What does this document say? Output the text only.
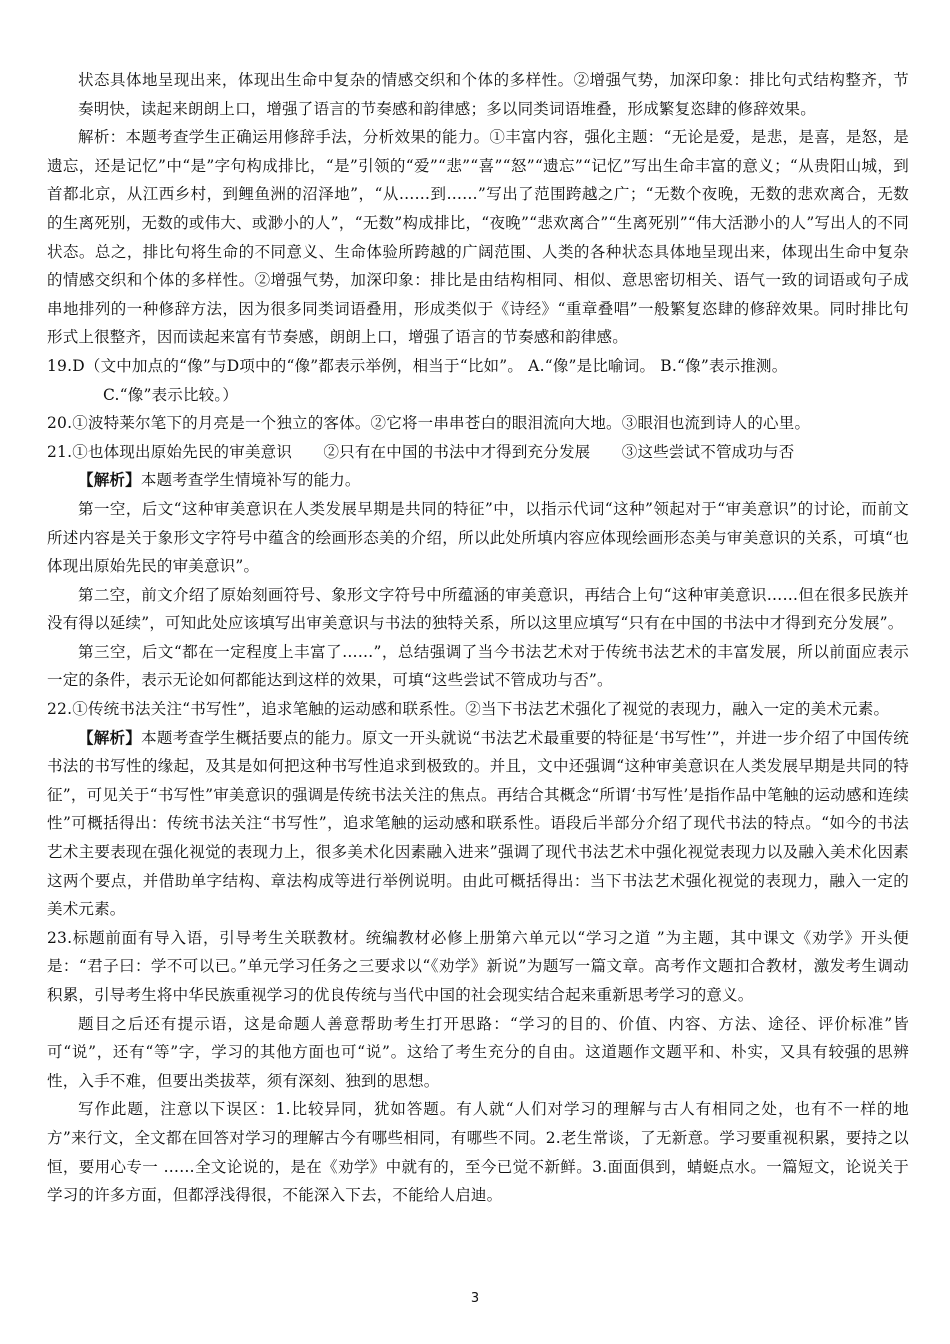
状态具体地呈现出来，体现出生命中复杂的情感交织和个体的多样性。②增强气势，加深印象：排比句式结构整齐，节奏明快，读起来朗朗上口，增强了语言的节奏感和韵律感；多以同类词语堆叠，形成繁复恣肆的修辞效果。

解析：本题考查学生正确运用修辞手法，分析效果的能力。①丰富内容，强化主题：“无论是爱，是悲，是喜，是怒，是遗忘，还是记忆”中“是”字句构成排比，“是”引领的“爱”“悲”“喜”“怒”“遗忘”“记忆”写出生命丰富的意义；“从贵阳山城，到首都北京，从江西乡村，到鲤鱼洲的沼泽地”，“从……到……”写出了范围跨越之广；“无数个夜晚，无数的悲欢离合，无数的生离死别，无数的或伟大、或渺小的人”，“无数”构成排比，“夜晚”“悲欢离合”“生离死别”“伟大活渺小的人”写出人的不同状态。总之，排比句将生命的不同意义、生命体验所跨越的广阔范围、人类的各种状态具体地呈现出来，体现出生命中复杂的情感交织和个体的多样性。②增强气势，加深印象：排比是由结构相同、相似、意思密切相关、语气一致的词语或句子成串地排列的一种修辞方法，因为很多同类词语叠用，形成类似于《诗经》“重章叠唱”一般繁复恣肆的修辞效果。同时排比句形式上很整齐，因而读起来富有节奏感，朗朗上口，增强了语言的节奏感和韵律感。

19.D（文中加点的“像”与D项中的“像”都表示举例，相当于“比如”。 A.“像”是比喻词。 B.“像”表示推测。

C.“像”表示比较。）

20.①波特莱尔笔下的月亮是一个独立的客体。②它将一串串苍白的眼泪流向大地。③眼泪也流到诗人的心里。

21.①也体现出原始先民的审美意识　　②只有在中国的书法中才得到充分发展　　③这些尝试不管成功与否

【解析】本题考查学生情境补写的能力。

第一空，后文“这种审美意识在人类发展早期是共同的特征”中，以指示代词“这种”领起对于“审美意识”的讨论，而前文所述内容是关于象形文字符号中蕴含的绘画形态美的介绍，所以此处所填内容应体现绘画形态美与审美意识的关系，可填“也体现出原始先民的审美意识”。

第二空，前文介绍了原始刻画符号、象形文字符号中所蕴涵的审美意识，再结合上句“这种审美意识……但在很多民族并没有得以延续”，可知此处应该填写出审美意识与书法的独特关系，所以这里应填写“只有在中国的书法中才得到充分发展”。

第三空，后文“都在一定程度上丰富了……”，总结强调了当今书法艺术对于传统书法艺术的丰富发展，所以前面应表示一定的条件，表示无论如何都能达到这样的效果，可填“这些尝试不管成功与否”。

22.①传统书法关注“书写性”，追求笔触的运动感和联系性。②当下书法艺术强化了视觉的表现力，融入一定的美术元素。

【解析】本题考查学生概括要点的能力。原文一开头就说“书法艺术最重要的特征是‘书写性’”，并进一步介绍了中国传统书法的书写性的缘起，及其是如何把这种书写性追求到极致的。并且，文中还强调“这种审美意识在人类发展早期是共同的特征”，可见关于“书写性”审美意识的强调是传统书法关注的焦点。再结合其概念“所谓‘书写性’是指作品中笔触的运动感和连续性”可概括得出：传统书法关注“书写性”，追求笔触的运动感和联系性。语段后半部分介绍了现代书法的特点。“如今的书法艺术主要表现在强化视觉的表现力上，很多美术化因素融入进来”强调了现代书法艺术中强化视觉表现力以及融入美术化因素这两个要点，并借助单字结构、章法构成等进行举例说明。由此可概括得出：当下书法艺术强化视觉的表现力，融入一定的美术元素。

23.标题前面有导入语，引导考生关联教材。统编教材必修上册第六单元以“学习之道 ”为主题，其中课文《劝学》开头便是：“君子曰：学不可以已。”单元学习任务之三要求以“《劝学》新说”为题写一篇文章。高考作文题扣合教材，激发考生调动积累，引导考生将中华民族重视学习的优良传统与当代中国的社会现实结合起来重新思考学习的意义。

题目之后还有提示语，这是命题人善意帮助考生打开思路：“学习的目的、价值、内容、方法、途径、评价标准”皆可“说”，还有“等”字，学习的其他方面也可“说”。这给了考生充分的自由。这道题作文题平和、朴实，又具有较强的思辨性，入手不难，但要出类拔萃，须有深刻、独到的思想。

写作此题，注意以下误区：1.比较异同，犹如答题。有人就“人们对学习的理解与古人有相同之处，也有不一样的地方”来行文，全文都在回答对学习的理解古今有哪些相同，有哪些不同。2.老生常谈，了无新意。学习要重视积累，要持之以恒，要用心专一 ……全文论说的，是在《劝学》中就有的，至今已觉不新鲜。3.面面俱到，蜻蜓点水。一篇短文，论说关于学习的许多方面，但都浮浅得很，不能深入下去，不能给人启迪。

3
